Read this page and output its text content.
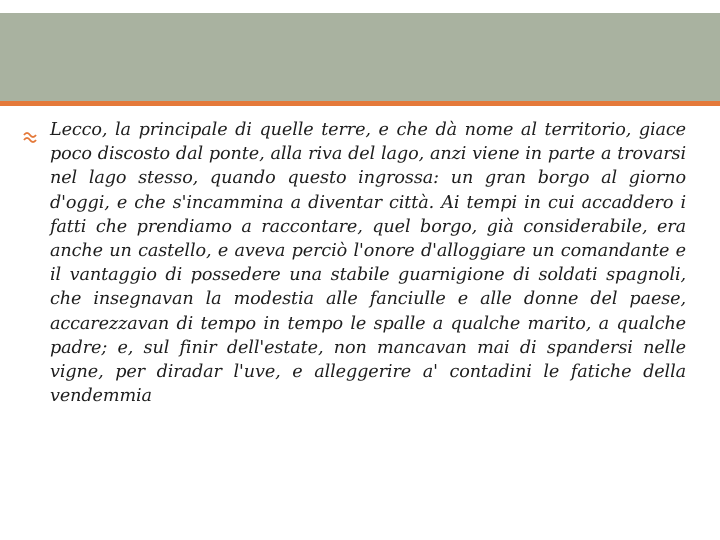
Lecco, la principale di quelle terre, e che dà nome al territorio, giace poco discosto dal ponte, alla riva del lago, anzi viene in parte a trovarsi nel lago stesso, quando questo ingrossa: un gran borgo al giorno d'oggi, e che s'incammina a diventar città. Ai tempi in cui accaddero i fatti che prendiamo a raccontare, quel borgo, già considerabile, era anche un castello, e aveva perciò l'onore d'alloggiare un comandante e il vantaggio di possedere una stabile guarnigione di soldati spagnoli, che insegnavan la modestia alle fanciulle e alle donne del paese, accarezzavan di tempo in tempo le spalle a qualche marito, a qualche padre; e, sul finir dell'estate, non mancavan mai di spandersi nelle vigne, per diradar l'uve, e alleggerire a' contadini le fatiche della vendemmia
